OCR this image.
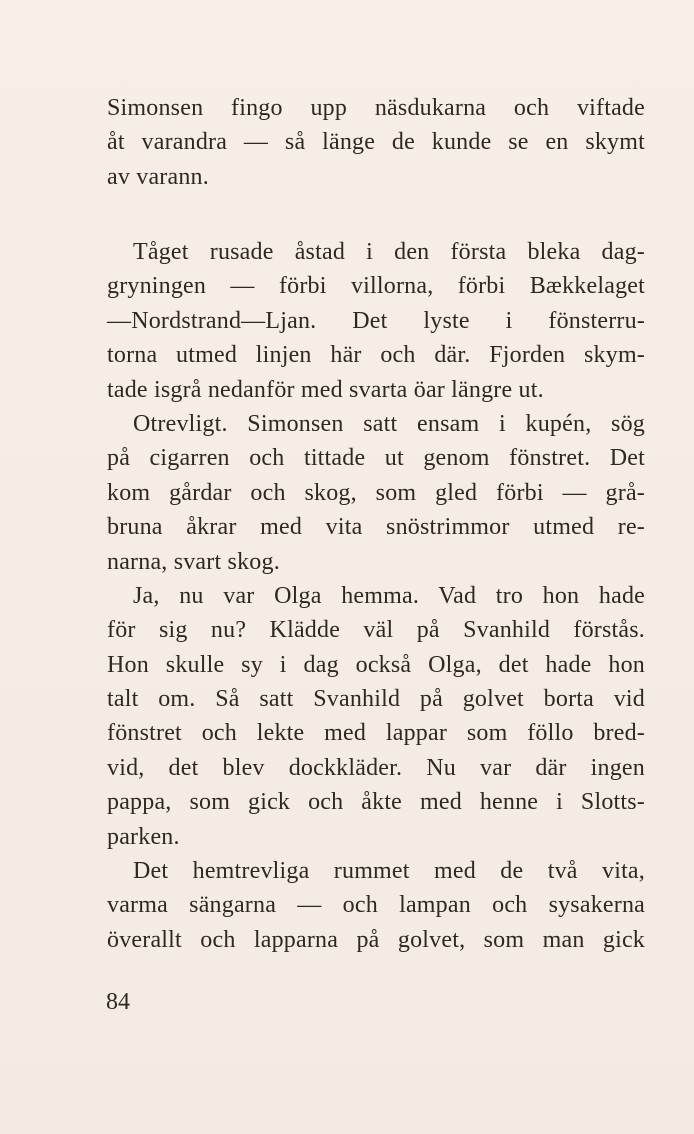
Simonsen fingo upp näsdukarna och viftade
åt varandra — så länge de kunde se en skymt
av varann.
Tåget rusade åstad i den första bleka dag-
gryningen — förbi villorna, förbi Bækkelaget
—Nordstrand—Ljan. Det lyste i fönsterru-
torna utmed linjen här och där. Fjorden skym-
tade isgrå nedanför med svarta öar längre ut.
Otrevligt. Simonsen satt ensam i kupén, sög
på cigarren och tittade ut genom fönstret. Det
kom gårdar och skog, som gled förbi — grå-
bruna åkrar med vita snöstrimmor utmed re-
narna, svart skog.
Ja, nu var Olga hemma. Vad tro hon hade
för sig nu? Klädde väl på Svanhild förstås.
Hon skulle sy i dag också Olga, det hade hon
talt om. Så satt Svanhild på golvet borta vid
fönstret och lekte med lappar som föllo bred-
vid, det blev dockkläder. Nu var där ingen
pappa, som gick och åkte med henne i Slotts-
parken.
Det hemtrevliga rummet med de två vita,
varma sängarna — och lampan och sysakerna
överallt och lapparna på golvet, som man gick
84
